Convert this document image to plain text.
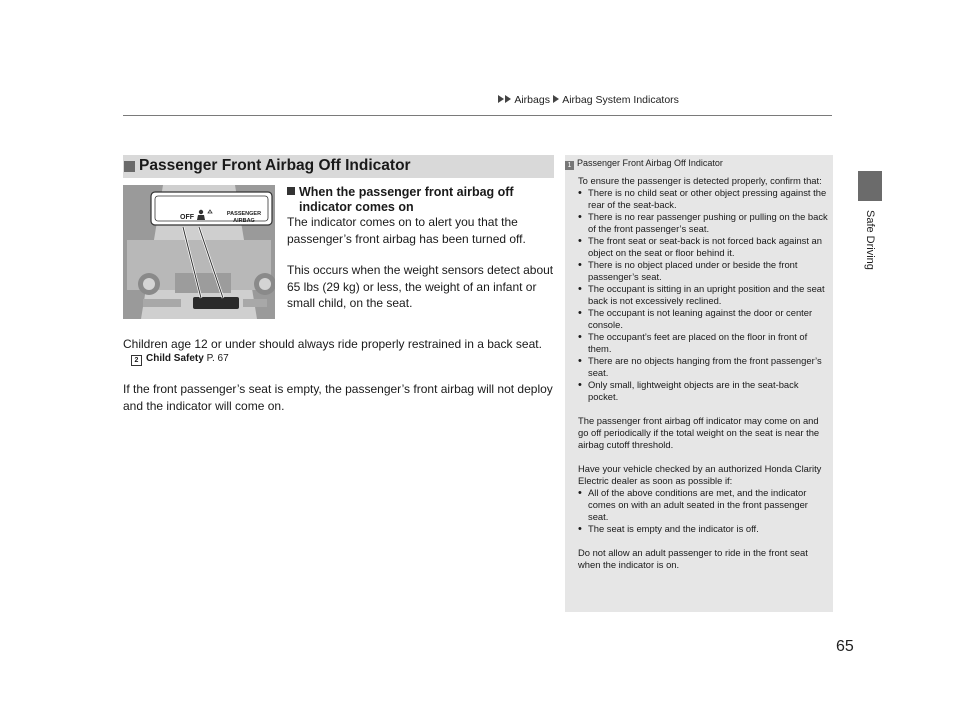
Airbags Airbag System Indicators
Safe Driving
Passenger Front Airbag Off Indicator
OFF	PASSENGER
AIRBAG
When the passenger front airbag off
indicator comes on
The indicator comes on to alert you that the passenger’s front airbag has been turned off.
This occurs when the weight sensors detect about 65 lbs (29 kg) or less, the weight of an infant or small child, on the seat.
Children age 12 or under should always ride properly restrained in a back seat.
2 Child Safety P. 67
If the front passenger’s seat is empty, the passenger’s front airbag will not deploy and the indicator will come on.
1 Passenger Front Airbag Off Indicator

To ensure the passenger is detected properly, confirm that:

• There is no child seat or other object pressing against the rear of the seat-back.
• There is no rear passenger pushing or pulling on the back of the front passenger’s seat.
• The front seat or seat-back is not forced back against an object on the seat or floor behind it.
• There is no object placed under or beside the front passenger’s seat.
• The occupant is sitting in an upright position and the seat back is not excessively reclined.
• The occupant is not leaning against the door or center console.
• The occupant’s feet are placed on the floor in front of them.
• There are no objects hanging from the front passenger’s seat.
• Only small, lightweight objects are in the seat-back pocket.

The passenger front airbag off indicator may come on and go off periodically if the total weight on the seat is near the airbag cutoff threshold.

Have your vehicle checked by an authorized Honda Clarity Electric dealer as soon as possible if:

• All of the above conditions are met, and the indicator comes on with an adult seated in the front passenger seat.
• The seat is empty and the indicator is off.

Do not allow an adult passenger to ride in the front seat when the indicator is on.

65
